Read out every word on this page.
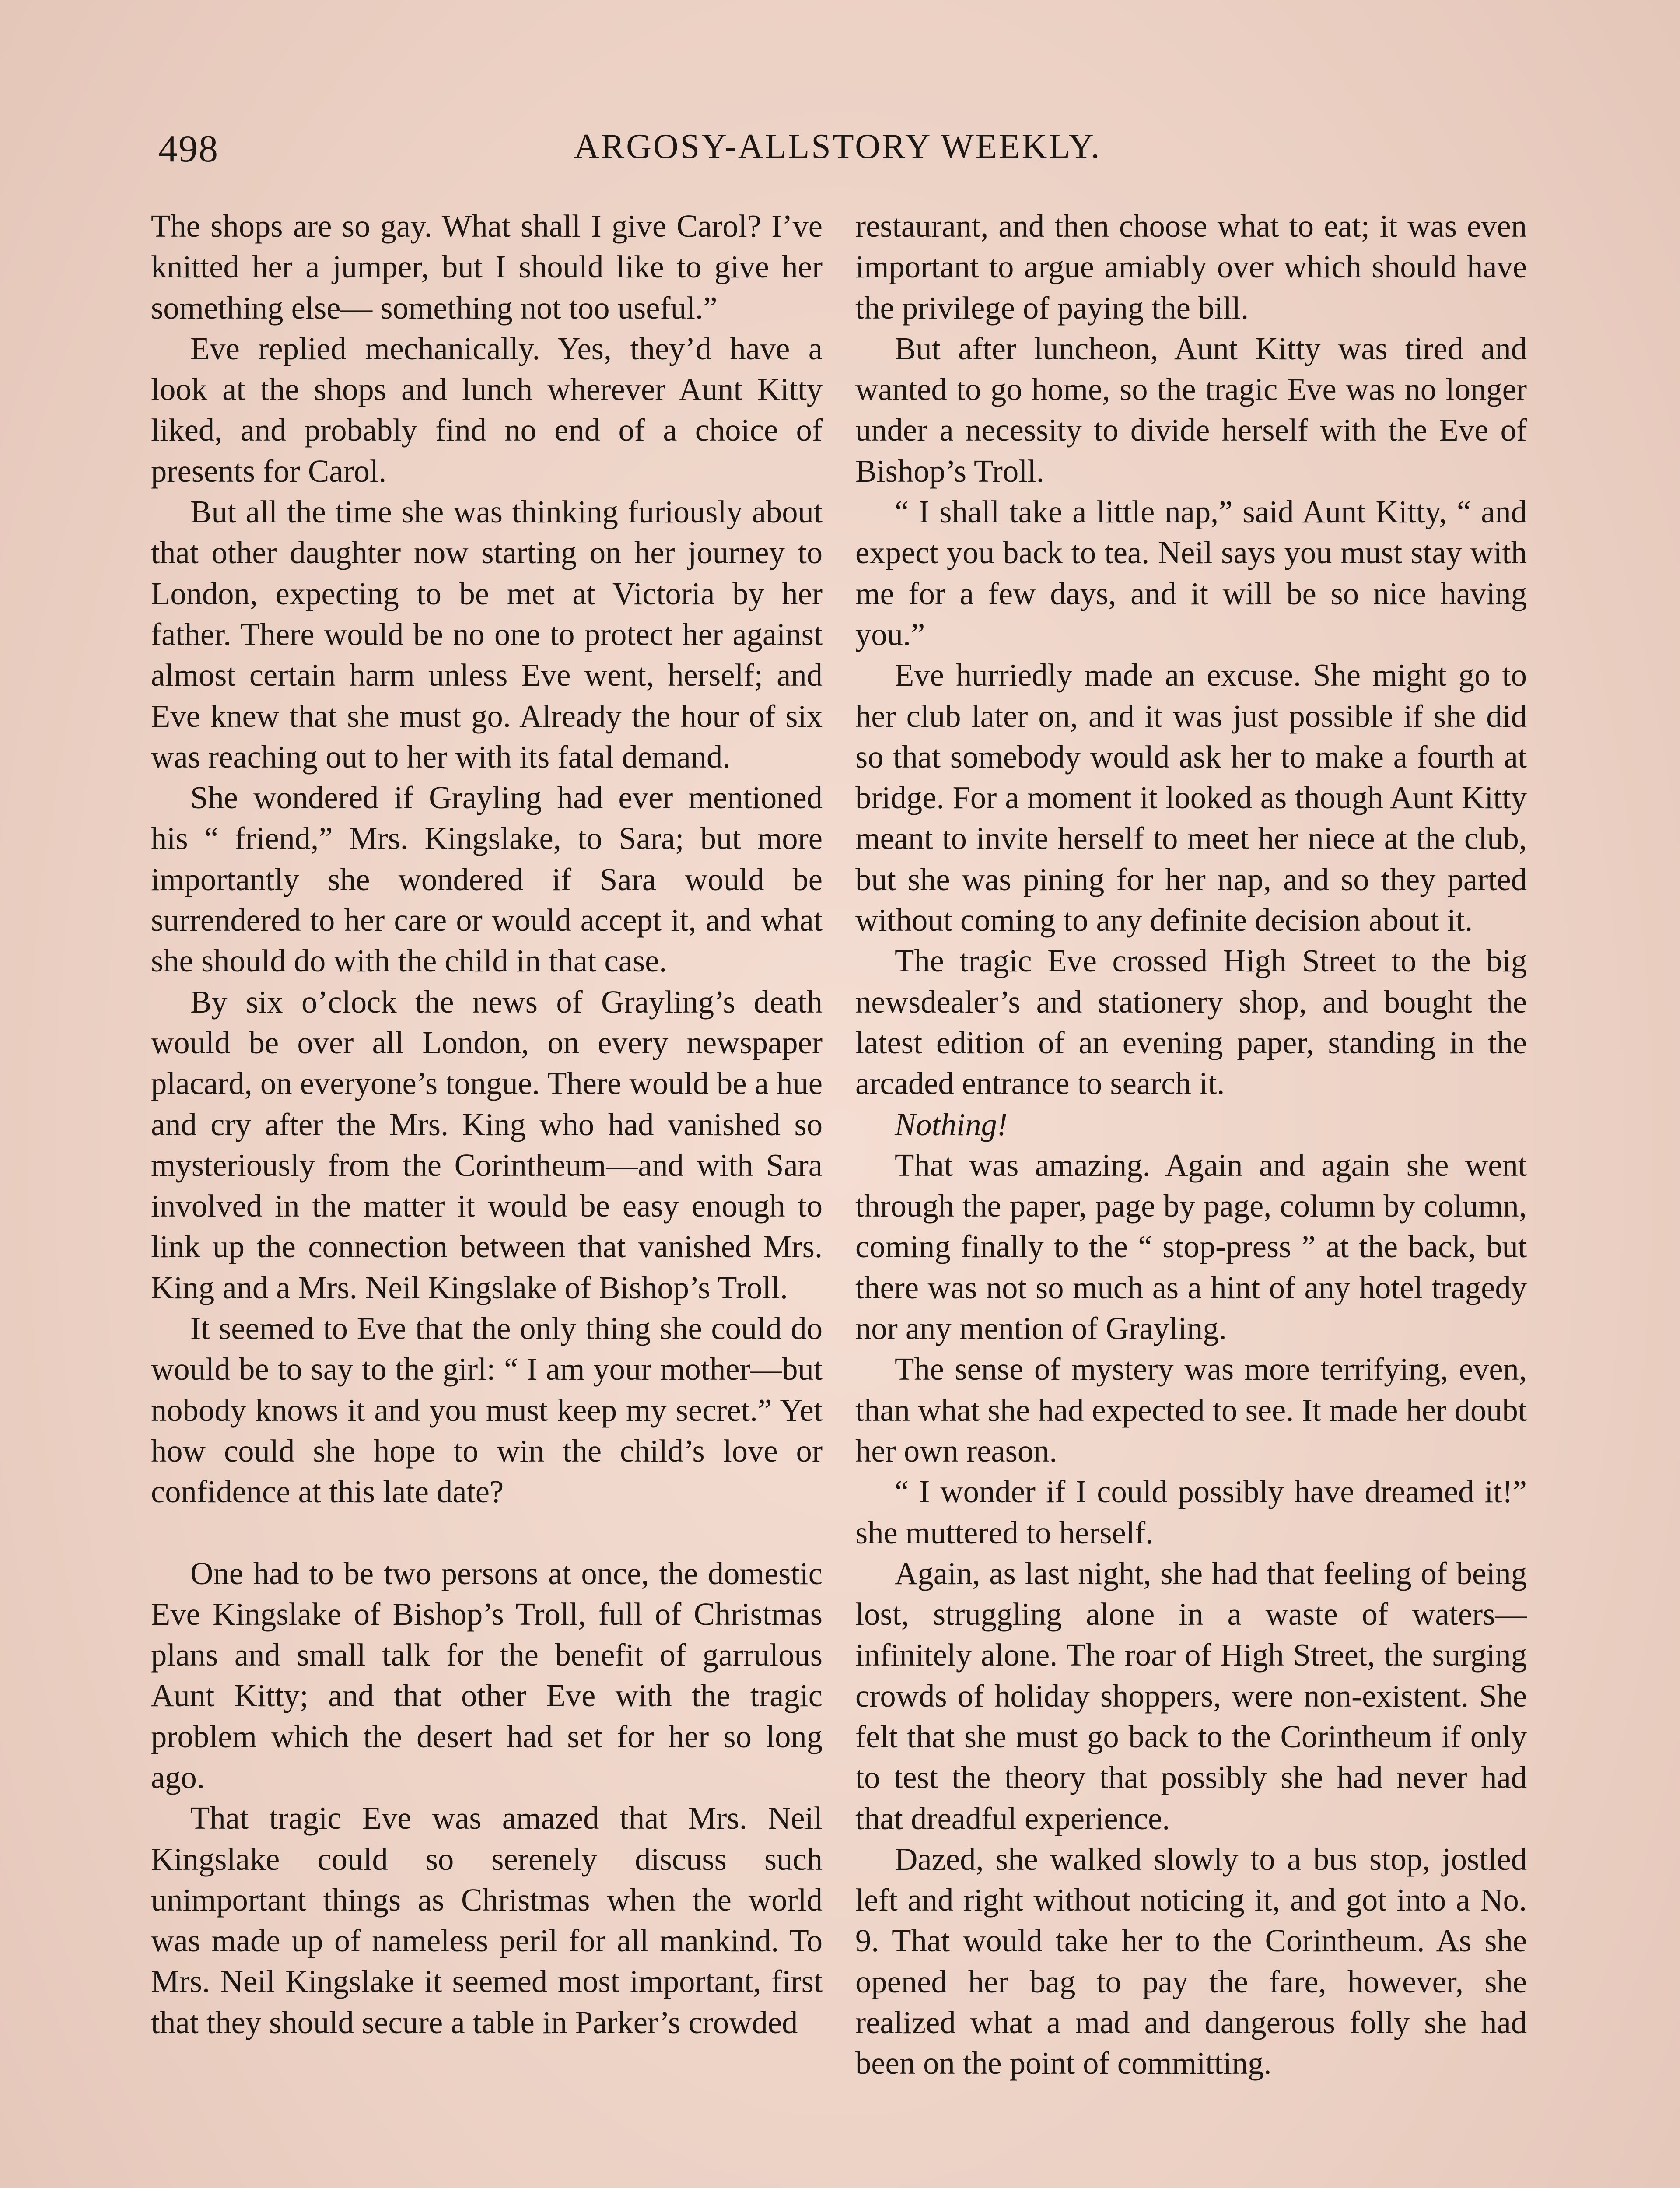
498	ARGOSY-ALLSTORY WEEKLY.

The shops are so gay. What shall I give Carol? I’ve knitted her a jumper, but I should like to give her something else— something not too useful.”

Eve replied mechanically. Yes, they’d have a look at the shops and lunch wherever Aunt Kitty liked, and probably find no end of a choice of presents for Carol.

But all the time she was thinking furiously about that other daughter now starting on her journey to London, expecting to be met at Victoria by her father. There would be no one to protect her against almost certain harm unless Eve went, herself; and Eve knew that she must go. Already the hour of six was reaching out to her with its fatal demand.

She wondered if Grayling had ever mentioned his “ friend,” Mrs. Kingslake, to Sara; but more importantly she wondered if Sara would be surrendered to her care or would accept it, and what she should do with the child in that case.

By six o’clock the news of Grayling’s death would be over all London, on every newspaper placard, on everyone’s tongue. There would be a hue and cry after the Mrs. King who had vanished so mysteriously from the Corintheum—and with Sara involved in the matter it would be easy enough to link up the connection between that vanished Mrs. King and a Mrs. Neil Kingslake of Bishop’s Troll.

It seemed to Eve that the only thing she could do would be to say to the girl: “ I am your mother—but nobody knows it and you must keep my secret.” Yet how could she hope to win the child’s love or confidence at this late date?

One had to be two persons at once, the domestic Eve Kingslake of Bishop’s Troll, full of Christmas plans and small talk for the benefit of garrulous Aunt Kitty; and that other Eve with the tragic problem which the desert had set for her so long ago.

That tragic Eve was amazed that Mrs. Neil Kingslake could so serenely discuss such unimportant things as Christmas when the world was made up of nameless peril for all mankind. To Mrs. Neil Kingslake it seemed most important, first that they should secure a table in Parker’s crowded

restaurant, and then choose what to eat; it was even important to argue amiably over which should have the privilege of paying the bill.

But after luncheon, Aunt Kitty was tired and wanted to go home, so the tragic Eve was no longer under a necessity to divide herself with the Eve of Bishop’s Troll.

“ I shall take a little nap,” said Aunt Kitty, “ and expect you back to tea. Neil says you must stay with me for a few days, and it will be so nice having you.”

Eve hurriedly made an excuse. She might go to her club later on, and it was just possible if she did so that somebody would ask her to make a fourth at bridge. For a moment it looked as though Aunt Kitty meant to invite herself to meet her niece at the club, but she was pining for her nap, and so they parted without coming to any definite decision about it.

The tragic Eve crossed High Street to the big newsdealer’s and stationery shop, and bought the latest edition of an evening paper, standing in the arcaded entrance to search it.

Nothing!

That was amazing. Again and again she went through the paper, page by page, column by column, coming finally to the “ stop-press ” at the back, but there was not so much as a hint of any hotel tragedy nor any mention of Grayling.

The sense of mystery was more terrifying, even, than what she had expected to see. It made her doubt her own reason.

“ I wonder if I could possibly have dreamed it!” she muttered to herself.

Again, as last night, she had that feeling of being lost, struggling alone in a waste of waters—infinitely alone. The roar of High Street, the surging crowds of holiday shoppers, were non-existent. She felt that she must go back to the Corintheum if only to test the theory that possibly she had never had that dreadful experience.

Dazed, she walked slowly to a bus stop, jostled left and right without noticing it, and got into a No. 9. That would take her to the Corintheum. As she opened her bag to pay the fare, however, she realized what a mad and dangerous folly she had been on the point of committing.
